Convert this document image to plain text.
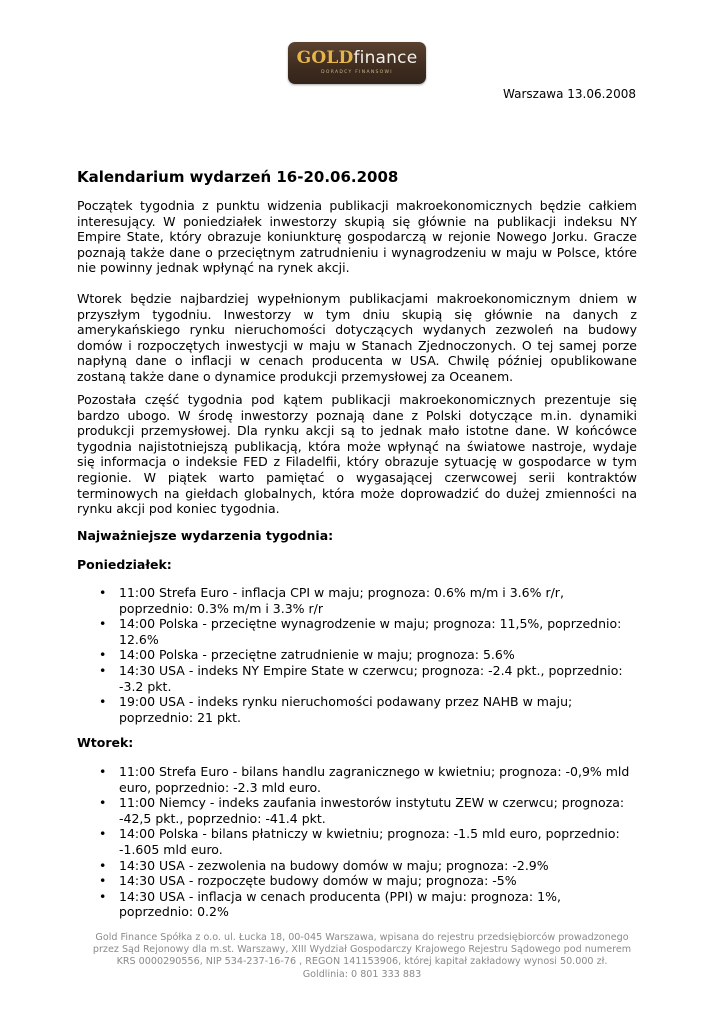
GOLDfinance
DORADCY FINANSOWI
Warszawa 13.06.2008
Kalendarium wydarzeń 16-20.06.2008

Początek tygodnia z punktu widzenia publikacji makroekonomicznych będzie całkiem interesujący. W poniedziałek inwestorzy skupią się głównie na publikacji indeksu NY Empire State, który obrazuje koniunkturę gospodarczą w rejonie Nowego Jorku. Gracze poznają także dane o przeciętnym zatrudnieniu i wynagrodzeniu w maju w Polsce, które nie powinny jednak wpłynąć na rynek akcji.

Wtorek będzie najbardziej wypełnionym publikacjami makroekonomicznym dniem w przyszłym tygodniu. Inwestorzy w tym dniu skupią się głównie na danych z amerykańskiego rynku nieruchomości dotyczących wydanych zezwoleń na budowy domów i rozpoczętych inwestycji w maju w Stanach Zjednoczonych. O tej samej porze napłyną dane o inflacji w cenach producenta w USA. Chwilę później opublikowane zostaną także dane o dynamice produkcji przemysłowej za Oceanem.

Pozostała część tygodnia pod kątem publikacji makroekonomicznych prezentuje się bardzo ubogo. W środę inwestorzy poznają dane z Polski dotyczące m.in. dynamiki produkcji przemysłowej. Dla rynku akcji są to jednak mało istotne dane. W końcówce tygodnia najistotniejszą publikacją, która może wpłynąć na światowe nastroje, wydaje się informacja o indeksie FED z Filadelfii, który obrazuje sytuację w gospodarce w tym regionie. W piątek warto pamiętać o wygasającej czerwcowej serii kontraktów terminowych na giełdach globalnych, która może doprowadzić do dużej zmienności na rynku akcji pod koniec tygodnia.

Najważniejsze wydarzenia tygodnia:
Poniedziałek:
• 11:00 Strefa Euro - inflacja CPI w maju; prognoza: 0.6% m/m i 3.6% r/r, poprzednio: 0.3% m/m i 3.3% r/r
• 14:00 Polska - przeciętne wynagrodzenie w maju; prognoza: 11,5%, poprzednio: 12.6%
• 14:00 Polska - przeciętne zatrudnienie w maju; prognoza: 5.6%
• 14:30 USA - indeks NY Empire State w czerwcu; prognoza: -2.4 pkt., poprzednio: -3.2 pkt.
• 19:00 USA - indeks rynku nieruchomości podawany przez NAHB w maju; poprzednio: 21 pkt.
Wtorek:
• 11:00 Strefa Euro - bilans handlu zagranicznego w kwietniu; prognoza: -0,9% mld euro, poprzednio: -2.3 mld euro.
• 11:00 Niemcy - indeks zaufania inwestorów instytutu ZEW w czerwcu; prognoza: -42,5 pkt., poprzednio: -41.4 pkt.
• 14:00 Polska - bilans płatniczy w kwietniu; prognoza: -1.5 mld euro, poprzednio: -1.605 mld euro.
• 14:30 USA - zezwolenia na budowy domów w maju; prognoza: -2.9%
• 14:30 USA - rozpoczęte budowy domów w maju; prognoza: -5%
• 14:30 USA - inflacja w cenach producenta (PPI) w maju: prognoza: 1%, poprzednio: 0.2%
Gold Finance Spółka z o.o. ul. Łucka 18, 00-045 Warszawa, wpisana do rejestru przedsiębiorców prowadzonego
przez Sąd Rejonowy dla m.st. Warszawy, XIII Wydział Gospodarczy Krajowego Rejestru Sądowego pod numerem
KRS 0000290556, NIP 534-237-16-76 , REGON 141153906, której kapitał zakładowy wynosi 50.000 zł.
Goldlinia: 0 801 333 883
